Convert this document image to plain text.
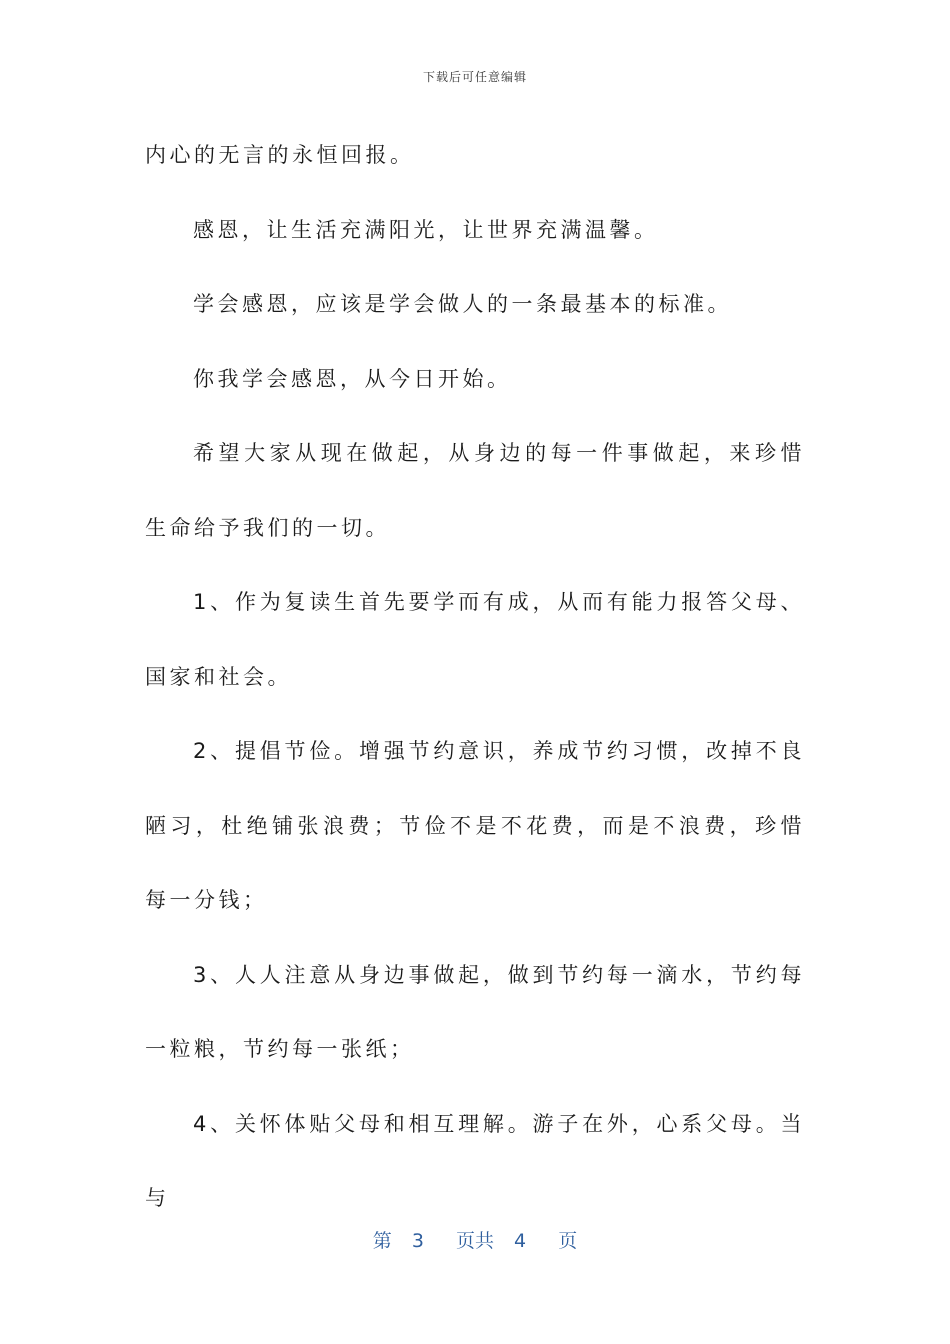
下载后可任意编辑

内心的无言的永恒回报。

感恩，让生活充满阳光，让世界充满温馨。

学会感恩，应该是学会做人的一条最基本的标准。

你我学会感恩，从今日开始。

希望大家从现在做起，从身边的每一件事做起，来珍惜生命给予我们的一切。

1、作为复读生首先要学而有成，从而有能力报答父母、国家和社会。

2、提倡节俭。增强节约意识，养成节约习惯，改掉不良陋习，杜绝铺张浪费；节俭不是不花费，而是不浪费，珍惜每一分钱；

3、人人注意从身边事做起，做到节约每一滴水，节约每一粒粮，节约每一张纸；

4、关怀体贴父母和相互理解。游子在外，心系父母。当与

第 3 页共 4 页
